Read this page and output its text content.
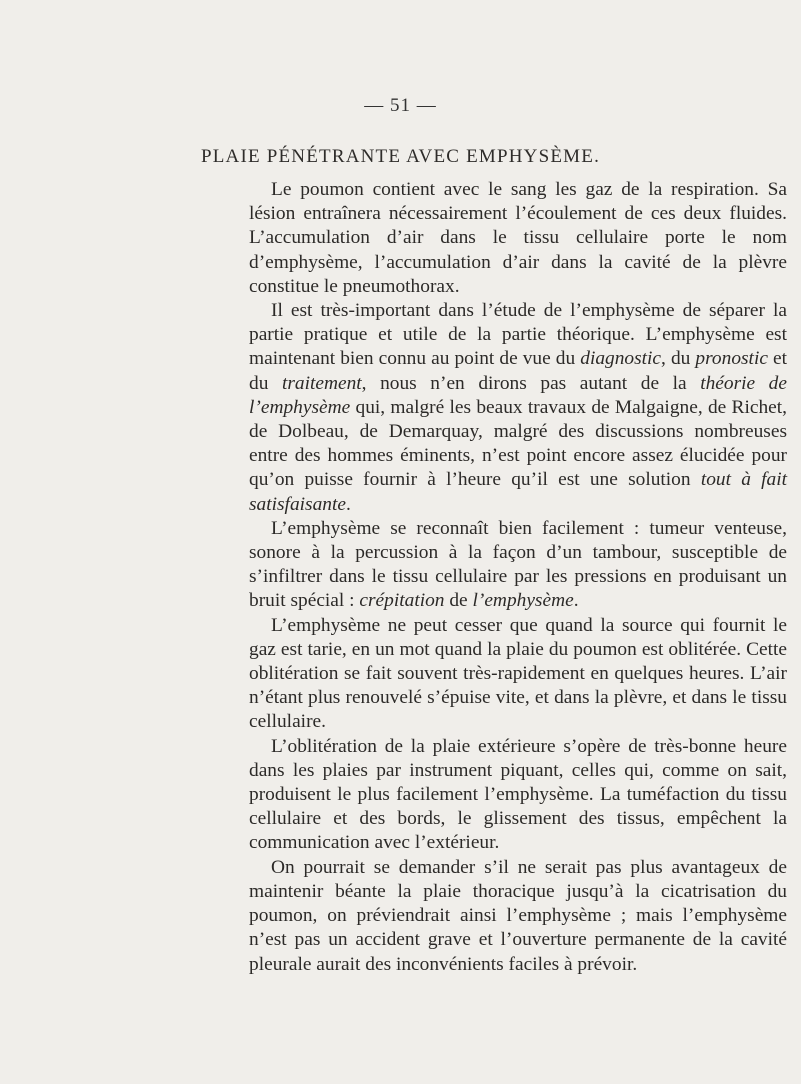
— 51 —
PLAIE PÉNÉTRANTE AVEC EMPHYSÈME.

Le poumon contient avec le sang les gaz de la respiration. Sa lésion entraînera nécessairement l’écoulement de ces deux fluides. L’accumulation d’air dans le tissu cellulaire porte le nom d’emphysème, l’accumulation d’air dans la cavité de la plèvre constitue le pneumothorax.

Il est très-important dans l’étude de l’emphysème de séparer la partie pratique et utile de la partie théorique. L’emphysème est maintenant bien connu au point de vue du diagnostic, du pronostic et du traitement, nous n’en dirons pas autant de la théorie de l’emphysème qui, malgré les beaux travaux de Malgaigne, de Richet, de Dolbeau, de Demarquay, malgré des discussions nombreuses entre des hommes éminents, n’est point encore assez élucidée pour qu’on puisse fournir à l’heure qu’il est une solution tout à fait satisfaisante.

L’emphysème se reconnaît bien facilement : tumeur venteuse, sonore à la percussion à la façon d’un tambour, susceptible de s’infiltrer dans le tissu cellulaire par les pressions en produisant un bruit spécial : crépitation de l’emphysème.

L’emphysème ne peut cesser que quand la source qui fournit le gaz est tarie, en un mot quand la plaie du poumon est oblitérée. Cette oblitération se fait souvent très-rapidement en quelques heures. L’air n’étant plus renouvelé s’épuise vite, et dans la plèvre, et dans le tissu cellulaire.

L’oblitération de la plaie extérieure s’opère de très-bonne heure dans les plaies par instrument piquant, celles qui, comme on sait, produisent le plus facilement l’emphysème. La tuméfaction du tissu cellulaire et des bords, le glissement des tissus, empêchent la communication avec l’extérieur.

On pourrait se demander s’il ne serait pas plus avantageux de maintenir béante la plaie thoracique jusqu’à la cicatrisation du poumon, on préviendrait ainsi l’emphysème ; mais l’emphysème n’est pas un accident grave et l’ouverture permanente de la cavité pleurale aurait des inconvénients faciles à prévoir.
